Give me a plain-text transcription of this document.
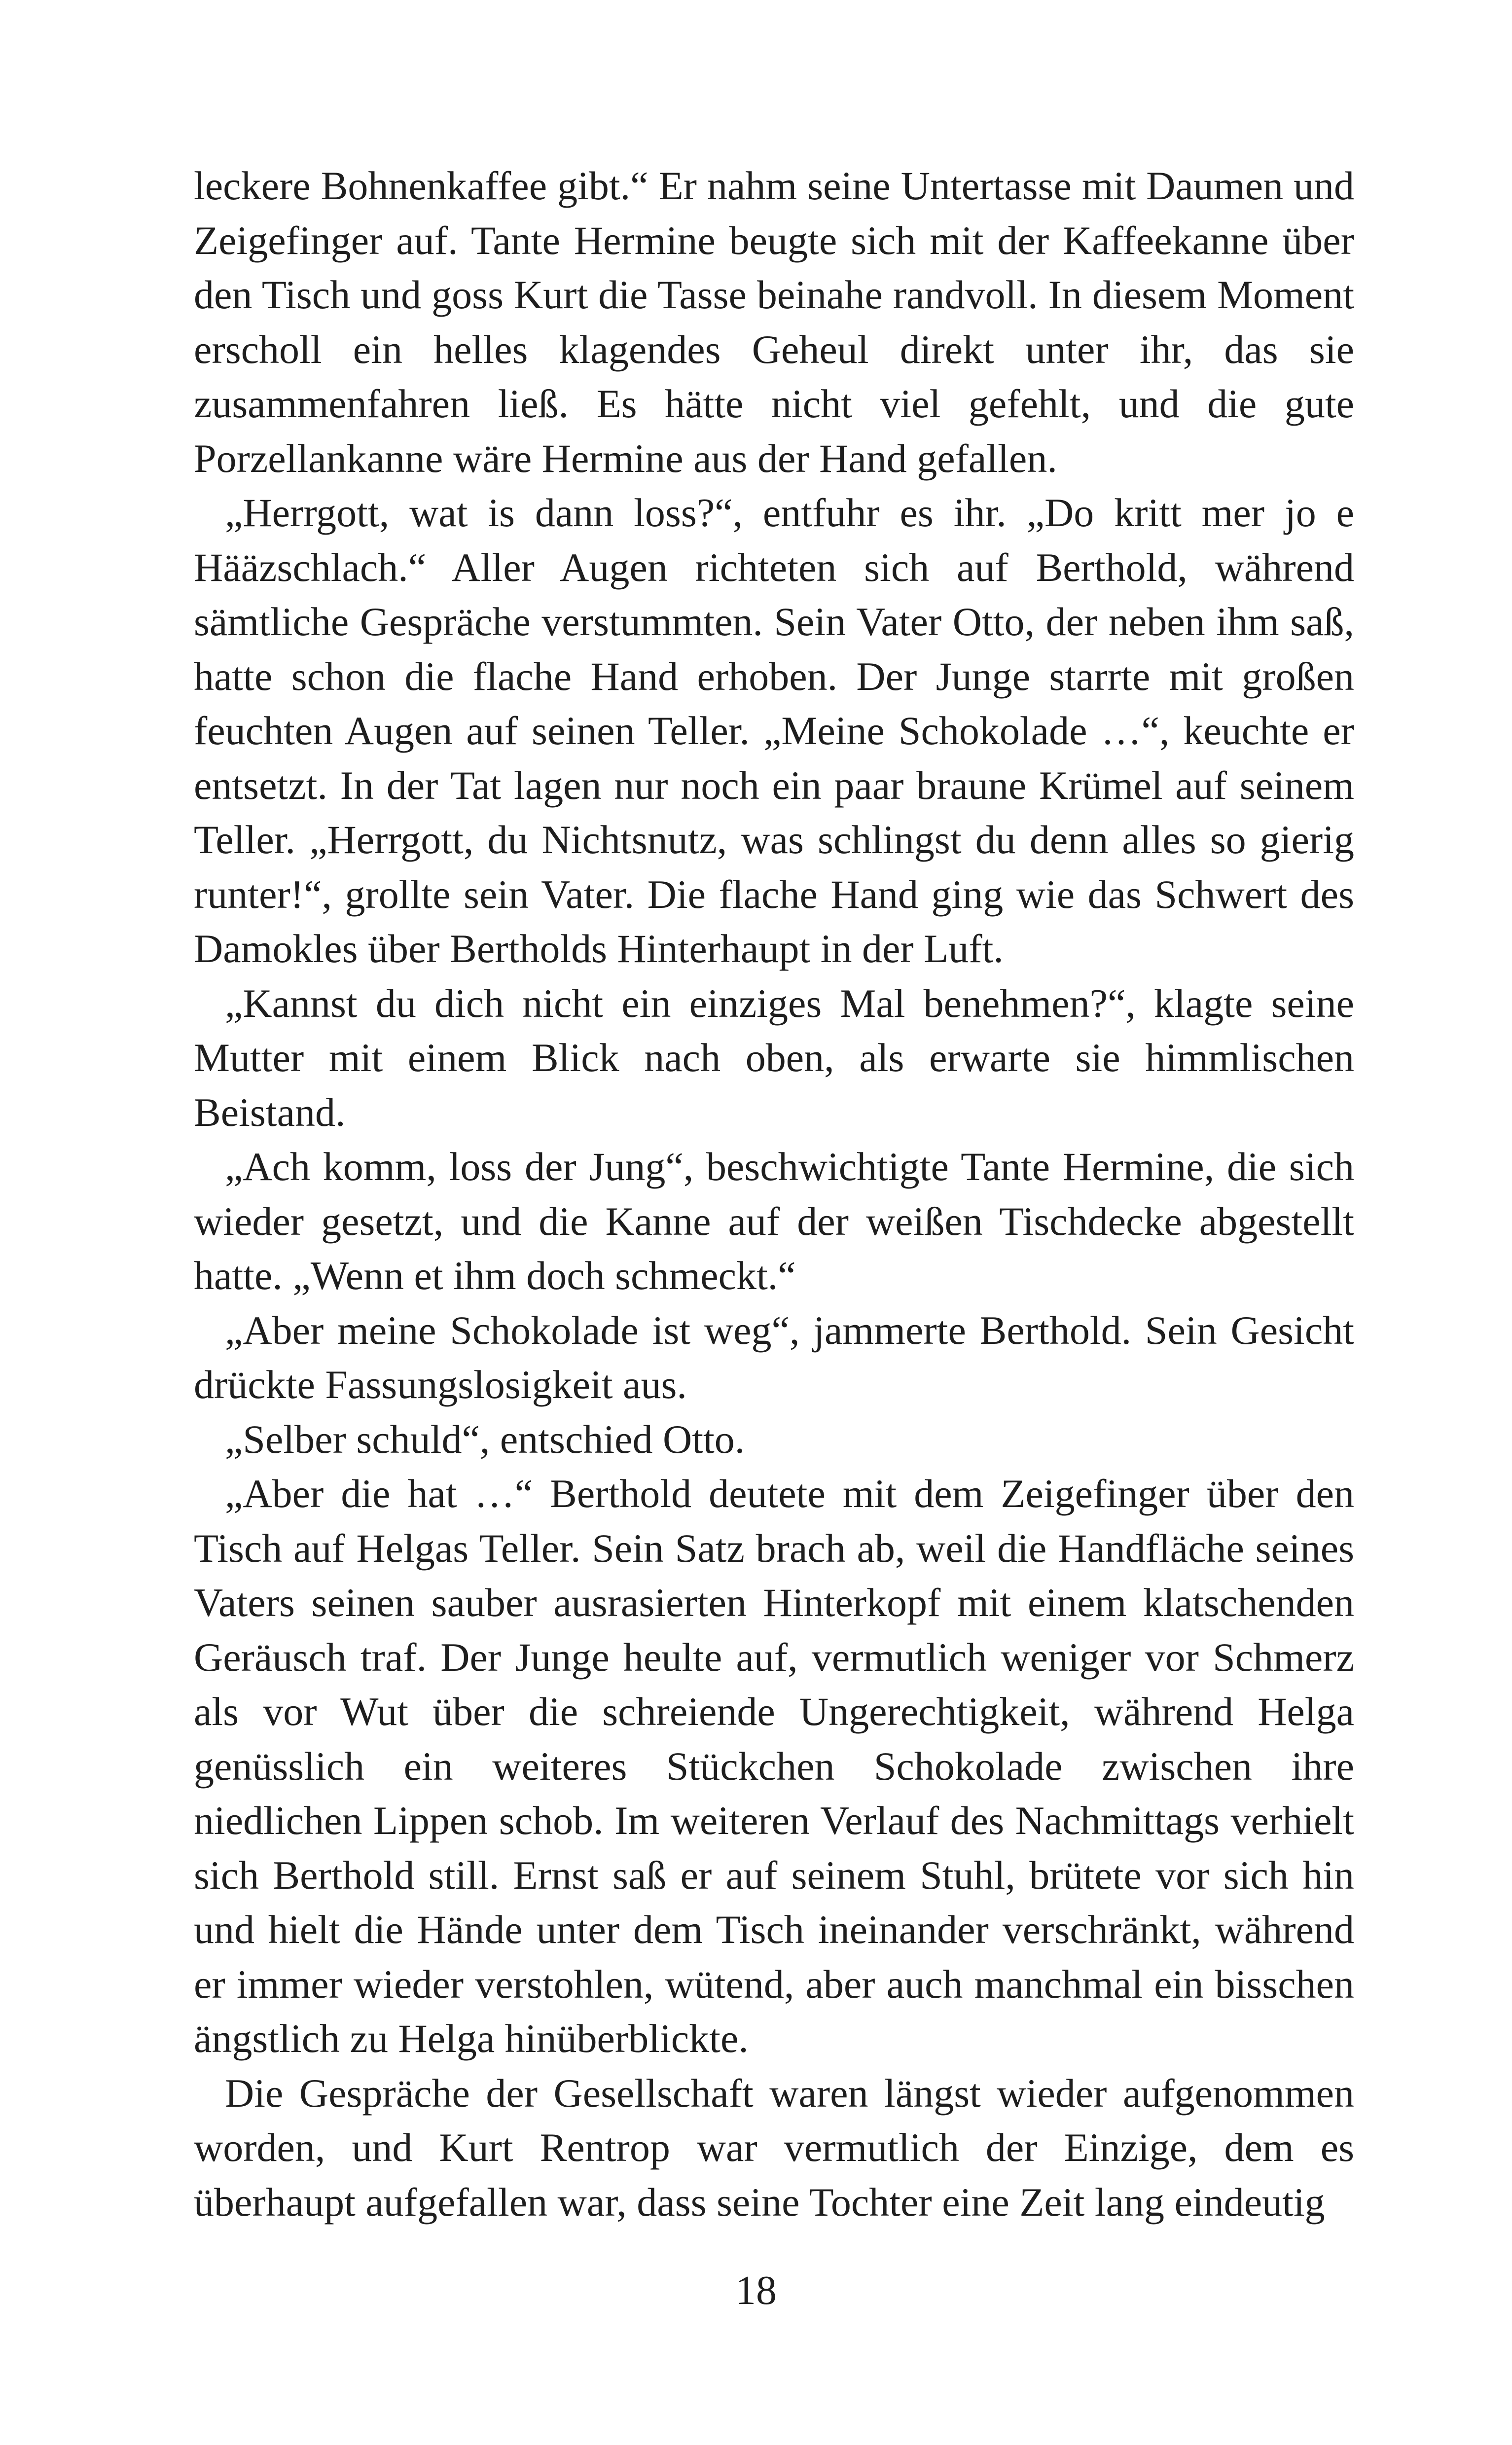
leckere Bohnenkaffee gibt.“ Er nahm seine Untertasse mit Daumen und Zeigefinger auf. Tante Hermine beugte sich mit der Kaffeekanne über den Tisch und goss Kurt die Tasse beinahe randvoll. In diesem Moment erscholl ein helles klagendes Geheul direkt unter ihr, das sie zusammenfahren ließ. Es hätte nicht viel gefehlt, und die gute Porzellankanne wäre Hermine aus der Hand gefallen.

„Herrgott, wat is dann loss?“, entfuhr es ihr. „Do kritt mer jo e Hääzschlach.“ Aller Augen richteten sich auf Berthold, während sämtliche Gespräche verstummten. Sein Vater Otto, der neben ihm saß, hatte schon die flache Hand erhoben. Der Junge starrte mit großen feuchten Augen auf seinen Teller. „Meine Schokolade …“, keuchte er entsetzt. In der Tat lagen nur noch ein paar braune Krümel auf seinem Teller. „Herrgott, du Nichtsnutz, was schlingst du denn alles so gierig runter!“, grollte sein Vater. Die flache Hand ging wie das Schwert des Damokles über Bertholds Hinterhaupt in der Luft.

„Kannst du dich nicht ein einziges Mal benehmen?“, klagte seine Mutter mit einem Blick nach oben, als erwarte sie himmlischen Beistand.

„Ach komm, loss der Jung“, beschwichtigte Tante Hermine, die sich wieder gesetzt, und die Kanne auf der weißen Tischdecke abgestellt hatte. „Wenn et ihm doch schmeckt.“

„Aber meine Schokolade ist weg“, jammerte Berthold. Sein Gesicht drückte Fassungslosigkeit aus.

„Selber schuld“, entschied Otto.

„Aber die hat …“ Berthold deutete mit dem Zeigefinger über den Tisch auf Helgas Teller. Sein Satz brach ab, weil die Handfläche seines Vaters seinen sauber ausrasierten Hinterkopf mit einem klatschenden Geräusch traf. Der Junge heulte auf, vermutlich weniger vor Schmerz als vor Wut über die schreiende Ungerechtigkeit, während Helga genüsslich ein weiteres Stückchen Schokolade zwischen ihre niedlichen Lippen schob. Im weiteren Verlauf des Nachmittags verhielt sich Berthold still. Ernst saß er auf seinem Stuhl, brütete vor sich hin und hielt die Hände unter dem Tisch ineinander verschränkt, während er immer wieder verstohlen, wütend, aber auch manchmal ein bisschen ängstlich zu Helga hinüberblickte.

Die Gespräche der Gesellschaft waren längst wieder aufgenommen worden, und Kurt Rentrop war vermutlich der Einzige, dem es überhaupt aufgefallen war, dass seine Tochter eine Zeit lang eindeutig

18
